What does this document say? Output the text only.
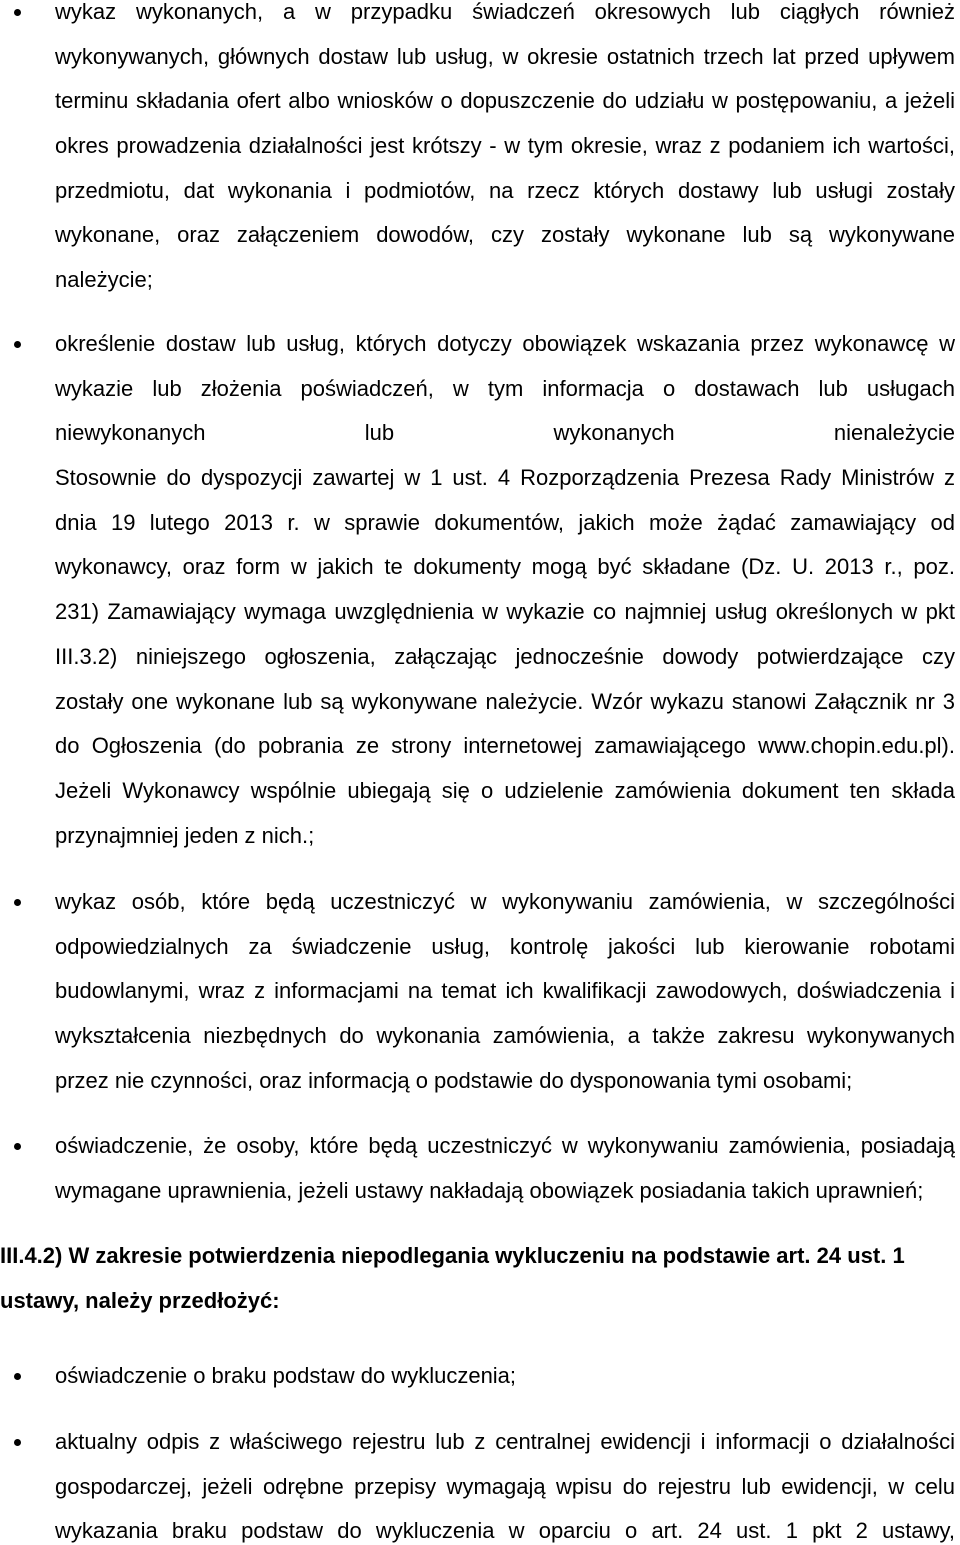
wykaz wykonanych, a w przypadku świadczeń okresowych lub ciągłych również
wykonywanych, głównych dostaw lub usług, w okresie ostatnich trzech lat przed upływem
terminu składania ofert albo wniosków o dopuszczenie do udziału w postępowaniu, a jeżeli
okres prowadzenia działalności jest krótszy - w tym okresie, wraz z podaniem ich wartości,
przedmiotu, dat wykonania i podmiotów, na rzecz których dostawy lub usługi zostały
wykonane, oraz załączeniem dowodów, czy zostały wykonane lub są wykonywane
należycie;
określenie dostaw lub usług, których dotyczy obowiązek wskazania przez wykonawcę w
wykazie lub złożenia poświadczeń, w tym informacja o dostawach lub usługach
niewykonanych lub wykonanych nienależycie
Stosownie do dyspozycji zawartej w 1 ust. 4 Rozporządzenia Prezesa Rady Ministrów z
dnia 19 lutego 2013 r. w sprawie dokumentów, jakich może żądać zamawiający od
wykonawcy, oraz form w jakich te dokumenty mogą być składane (Dz. U. 2013 r., poz.
231) Zamawiający wymaga uwzględnienia w wykazie co najmniej usług określonych w pkt
III.3.2) niniejszego ogłoszenia, załączając jednocześnie dowody potwierdzające czy
zostały one wykonane lub są wykonywane należycie. Wzór wykazu stanowi Załącznik nr 3
do Ogłoszenia (do pobrania ze strony internetowej zamawiającego www.chopin.edu.pl).
Jeżeli Wykonawcy wspólnie ubiegają się o udzielenie zamówienia dokument ten składa
przynajmniej jeden z nich.;
wykaz osób, które będą uczestniczyć w wykonywaniu zamówienia, w szczególności
odpowiedzialnych za świadczenie usług, kontrolę jakości lub kierowanie robotami
budowlanymi, wraz z informacjami na temat ich kwalifikacji zawodowych, doświadczenia i
wykształcenia niezbędnych do wykonania zamówienia, a także zakresu wykonywanych
przez nie czynności, oraz informacją o podstawie do dysponowania tymi osobami;
oświadczenie, że osoby, które będą uczestniczyć w wykonywaniu zamówienia, posiadają
wymagane uprawnienia, jeżeli ustawy nakładają obowiązek posiadania takich uprawnień;
III.4.2) W zakresie potwierdzenia niepodlegania wykluczeniu na podstawie art. 24 ust. 1
ustawy, należy przedłożyć:
oświadczenie o braku podstaw do wykluczenia;
aktualny odpis z właściwego rejestru lub z centralnej ewidencji i informacji o działalności
gospodarczej, jeżeli odrębne przepisy wymagają wpisu do rejestru lub ewidencji, w celu
wykazania braku podstaw do wykluczenia w oparciu o art. 24 ust. 1 pkt 2 ustawy,
